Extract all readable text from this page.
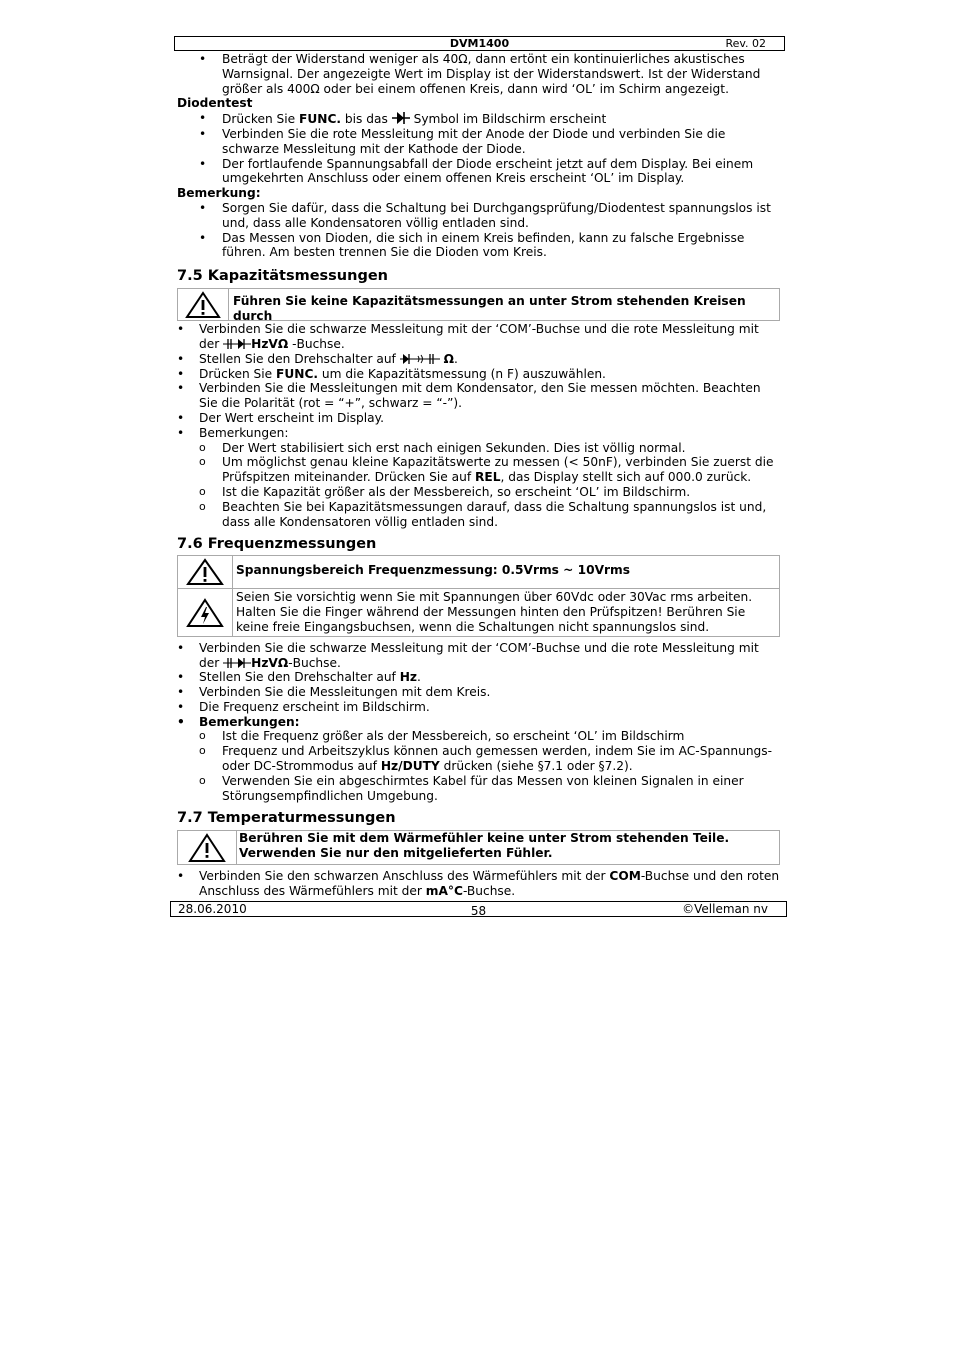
DVM1400	Rev. 02
• Beträgt der Widerstand weniger als 40Ω, dann ertönt ein kontinuierliches akustisches Warnsignal. Der angezeigte Wert im Display ist der Widerstandswert. Ist der Widerstand größer als 400Ω oder bei einem offenen Kreis, dann wird ‘OL’ im Schirm angezeigt.
Diodentest
• Drücken Sie FUNC. bis das  Symbol im Bildschirm erscheint
• Verbinden Sie die rote Messleitung mit der Anode der Diode und verbinden Sie die schwarze Messleitung mit der Kathode der Diode.
• Der fortlaufende Spannungsabfall der Diode erscheint jetzt auf dem Display. Bei einem umgekehrten Anschluss oder einem offenen Kreis erscheint ‘OL’ im Display.
Bemerkung:
• Sorgen Sie dafür, dass die Schaltung bei Durchgangsprüfung/Diodentest spannungslos ist und, dass alle Kondensatoren völlig entladen sind.
• Das Messen von Dioden, die sich in einem Kreis befinden, kann zu falsche Ergebnisse führen. Am besten trennen Sie die Dioden vom Kreis.
7.5 Kapazitätsmessungen
Führen Sie keine Kapazitätsmessungen an unter Strom stehenden Kreisen durch
• Verbinden Sie die schwarze Messleitung mit der ‘COM’-Buchse und die rote Messleitung mit der HzVΩ -Buchse.
• Stellen Sie den Drehschalter auf	Ω.
• Drücken Sie FUNC. um die Kapazitätsmessung (n F) auszuwählen.
• Verbinden Sie die Messleitungen mit dem Kondensator, den Sie messen möchten. Beachten Sie die Polarität (rot = “+”, schwarz = “-”).
• Der Wert erscheint im Display.
• Bemerkungen:
o Der Wert stabilisiert sich erst nach einigen Sekunden. Dies ist völlig normal.
o Um möglichst genau kleine Kapazitätswerte zu messen (< 50nF), verbinden Sie zuerst die Prüfspitzen miteinander. Drücken Sie auf REL, das Display stellt sich auf 000.0 zurück.
o Ist die Kapazität größer als der Messbereich, so erscheint ‘OL’ im Bildschirm.
o Beachten Sie bei Kapazitätsmessungen darauf, dass die Schaltung spannungslos ist und, dass alle Kondensatoren völlig entladen sind.
7.6 Frequenzmessungen
Spannungsbereich Frequenzmessung: 0.5Vrms ~ 10Vrms
Seien Sie vorsichtig wenn Sie mit Spannungen über 60Vdc oder 30Vac rms arbeiten. Halten Sie die Finger während der Messungen hinten den Prüfspitzen! Berühren Sie keine freie Eingangsbuchsen, wenn die Schaltungen nicht spannungslos sind.
• Verbinden Sie die schwarze Messleitung mit der ‘COM’-Buchse und die rote Messleitung mit der HzVΩ-Buchse.
• Stellen Sie den Drehschalter auf Hz.
• Verbinden Sie die Messleitungen mit dem Kreis.
• Die Frequenz erscheint im Bildschirm.
• Bemerkungen:
o Ist die Frequenz größer als der Messbereich, so erscheint ‘OL’ im Bildschirm
o Frequenz und Arbeitszyklus können auch gemessen werden, indem Sie im AC-Spannungs- oder DC-Strommodus auf Hz/DUTY drücken (siehe §7.1 oder §7.2).
o Verwenden Sie ein abgeschirmtes Kabel für das Messen von kleinen Signalen in einer Störungsempfindlichen Umgebung.
7.7 Temperaturmessungen
Berühren Sie mit dem Wärmefühler keine unter Strom stehenden Teile.
Verwenden Sie nur den mitgelieferten Fühler.
• Verbinden Sie den schwarzen Anschluss des Wärmefühlers mit der COM-Buchse und den roten Anschluss des Wärmefühlers mit der mA°C-Buchse.
28.06.2010	58	©Velleman nv
